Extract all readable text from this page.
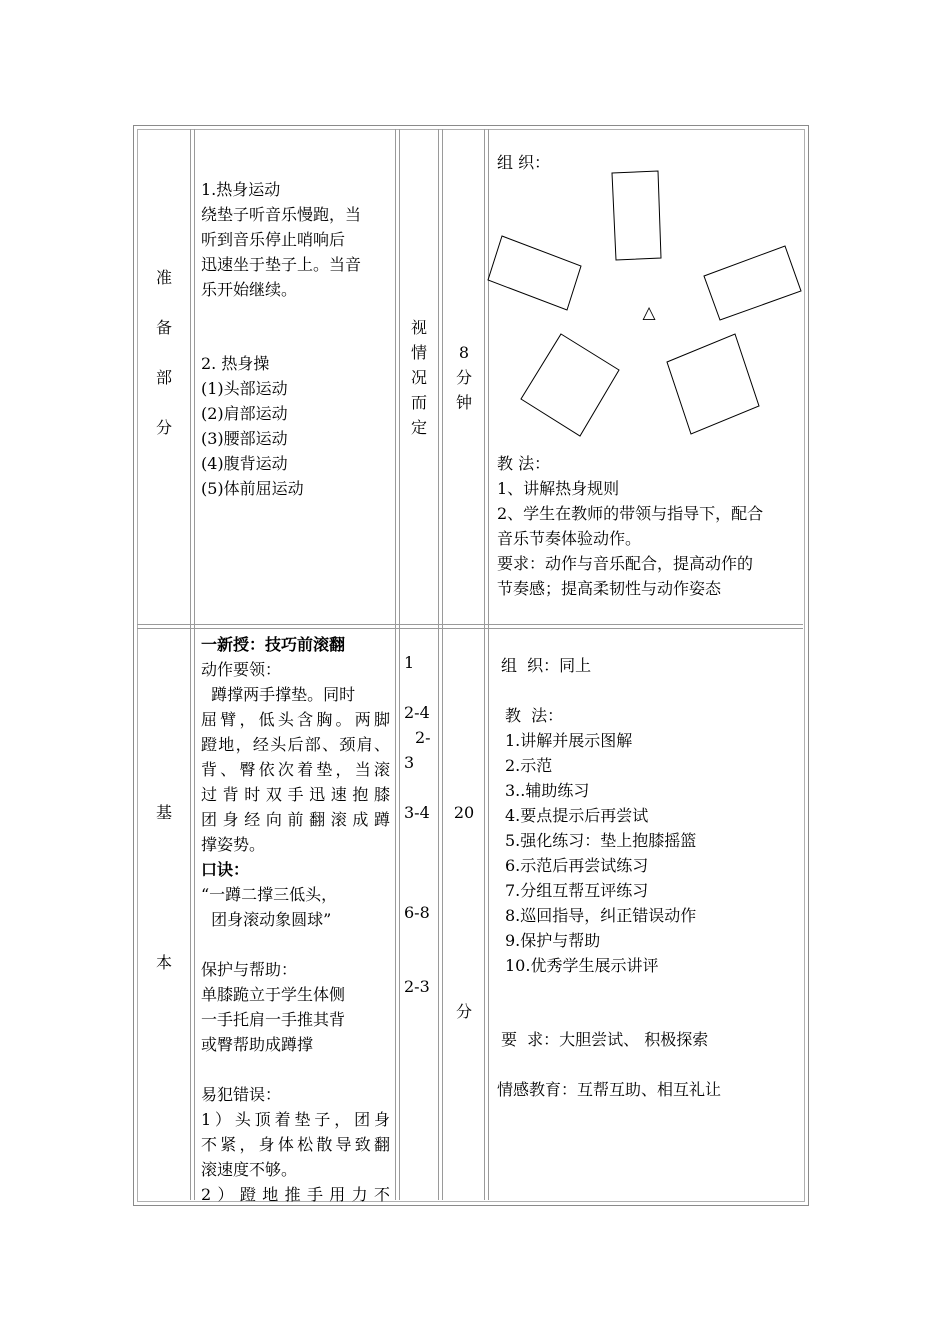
准
备
部
分
1.热身运动
绕垫子听音乐慢跑，当
听到音乐停止哨响后
迅速坐于垫子上。当音
乐开始继续。
2. 热身操
(1)头部运动
(2)肩部运动
(3)腰部运动
(4)腹背运动
(5)体前屈运动
视
情
况
而
定
8
分
钟
组 织：
△
教 法：
1、讲解热身规则
2、学生在教师的带领与指导下，配合
音乐节奏体验动作。
要求：动作与音乐配合，提高动作的
节奏感；提高柔韧性与动作姿态
基
本
一新授：技巧前滚翻
动作要领：
蹲撑两手撑垫。同时
屈臂，低头含胸。两脚
蹬地，经头后部、颈肩、
背、臀依次着垫，当滚
过背时双手迅速抱膝
团身经向前翻滚成蹲
撑姿势。
口诀：
“一蹲二撑三低头，
团身滚动象圆球”
保护与帮助：
单膝跪立于学生体侧
一手托肩一手推其背
或臀帮助成蹲撑
易犯错误：
1）头顶着垫子，团身
不紧，身体松散导致翻
滚速度不够。
2）蹬地推手用力不
1
2-4
2-
3
3-4
6-8
2-3
20
分
组  织：同上
教  法：
1.讲解并展示图解
2.示范
3..辅助练习
4.要点提示后再尝试
5.强化练习：垫上抱膝摇篮
6.示范后再尝试练习
7.分组互帮互评练习
8.巡回指导，纠正错误动作
9.保护与帮助
10.优秀学生展示讲评
要  求：大胆尝试、 积极探索
情感教育：互帮互助、相互礼让
